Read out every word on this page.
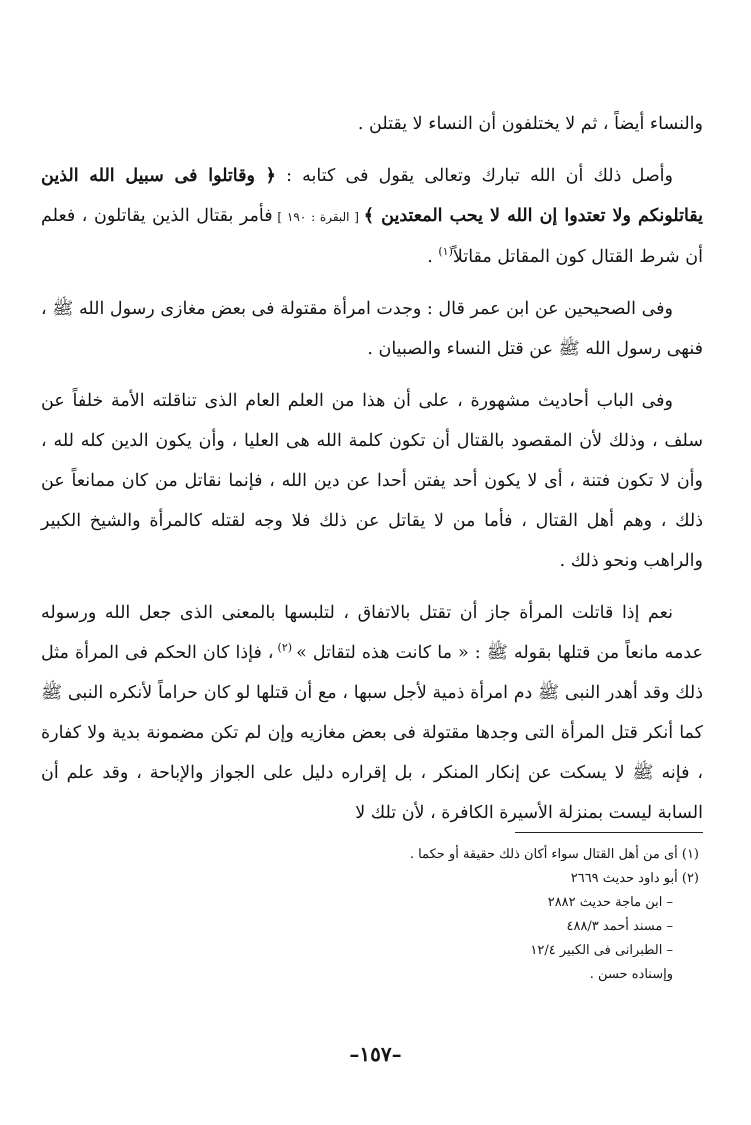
والنساء أيضاً ، ثم لا يختلفون أن النساء لا يقتلن .

وأصل ذلك أن الله تبارك وتعالى يقول فى كتابه : ﴿ وقاتلوا فى سبيل الله الذين يقاتلونكم ولا تعتدوا إن الله لا يحب المعتدين ﴾ [ البقرة : ١٩٠ ] فأمر بقتال الذين يقاتلون ، فعلم أن شرط القتال كون المقاتل مقاتلاً$^{(١)}$ .

وفى الصحيحين عن ابن عمر قال : وجدت امرأة مقتولة فى بعض مغازى رسول الله ﷺ ، فنهى رسول الله ﷺ عن قتل النساء والصبيان .

وفى الباب أحاديث مشهورة ، على أن هذا من العلم العام الذى تناقلته الأمة خلفاً عن سلف ، وذلك لأن المقصود بالقتال أن تكون كلمة الله هى العليا ، وأن يكون الدين كله لله ، وأن لا تكون فتنة ، أى لا يكون أحد يفتن أحدا عن دين الله ، فإنما نقاتل من كان ممانعاً عن ذلك ، وهم أهل القتال ، فأما من لا يقاتل عن ذلك فلا وجه لقتله كالمرأة والشيخ الكبير والراهب ونحو ذلك .

نعم إذا قاتلت المرأة جاز أن تقتل بالاتفاق ، لتلبسها بالمعنى الذى جعل الله ورسوله عدمه مانعاً من قتلها بقوله ﷺ : « ما كانت هذه لتقاتل » $^{(٢)}$ ، فإذا كان الحكم فى المرأة مثل ذلك وقد أهدر النبى ﷺ دم امرأة ذمية لأجل سبها ، مع أن قتلها لو كان حراماً لأنكره النبى ﷺ كما أنكر قتل المرأة التى وجدها مقتولة فى بعض مغازيه وإن لم تكن مضمونة بدية ولا كفارة ، فإنه ﷺ لا يسكت عن إنكار المنكر ، بل إقراره دليل على الجواز والإباحة ، وقد علم أن السابة ليست بمنزلة الأسيرة الكافرة ، لأن تلك لا

(١) أى من أهل القتال سواء أكان ذلك حقيقة أو حكما .
(٢) أبو داود حديث ٢٦٦٩
– ابن ماجة حديث ٢٨٨٢
– مسند أحمد ٤٨٨/٣
– الطبرانى فى الكبير ١٢/٤
وإسناده حسن .
–١٥٧–
